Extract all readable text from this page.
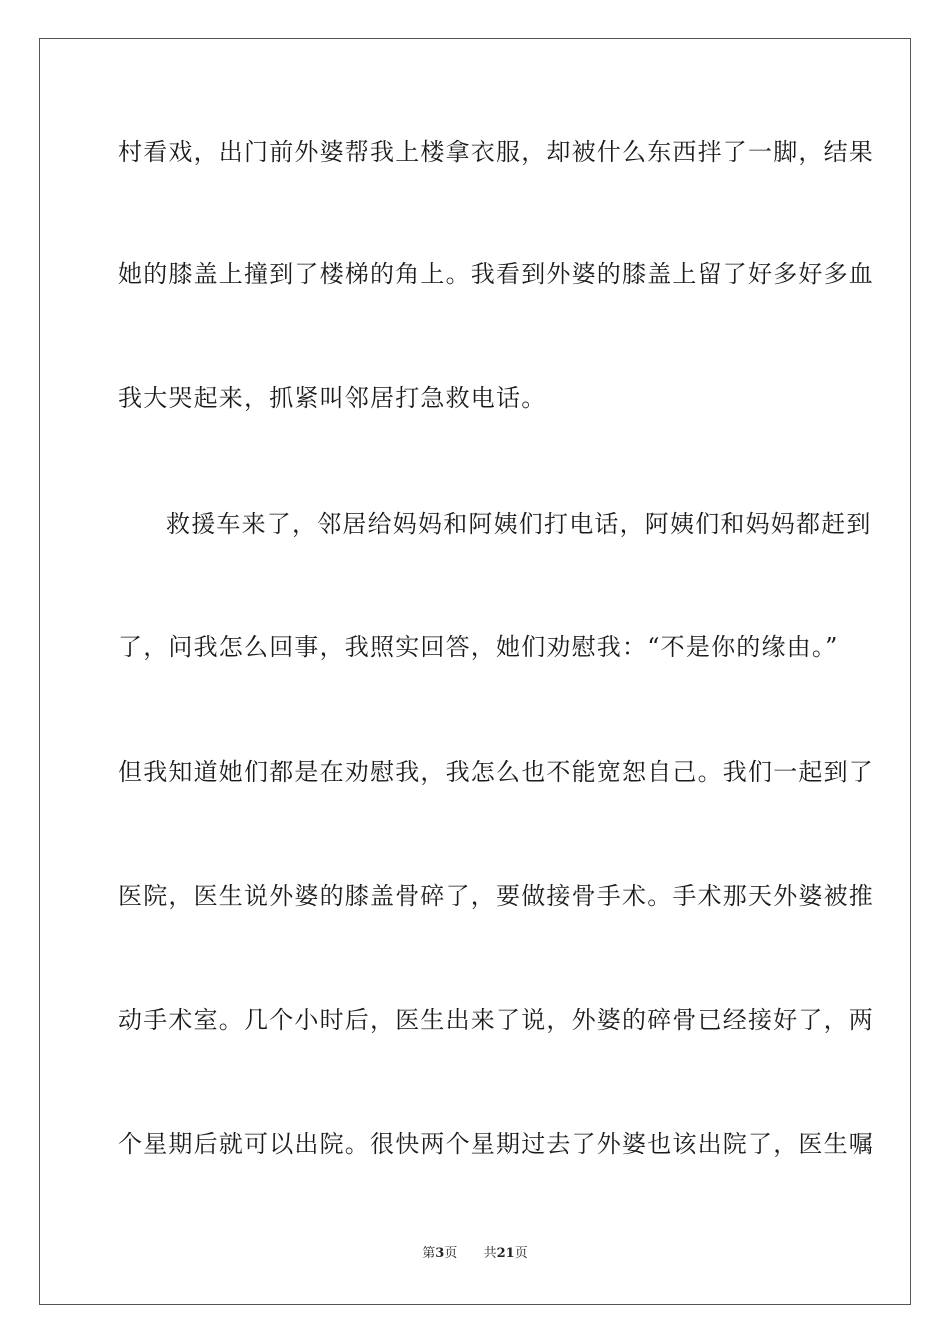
村看戏，出门前外婆帮我上楼拿衣服，却被什么东西拌了一脚，结果
她的膝盖上撞到了楼梯的角上。我看到外婆的膝盖上留了好多好多血
我大哭起来，抓紧叫邻居打急救电话。
救援车来了，邻居给妈妈和阿姨们打电话，阿姨们和妈妈都赶到
了，问我怎么回事，我照实回答，她们劝慰我：“不是你的缘由。”
但我知道她们都是在劝慰我，我怎么也不能宽恕自己。我们一起到了
医院，医生说外婆的膝盖骨碎了，要做接骨手术。手术那天外婆被推
动手术室。几个小时后，医生出来了说，外婆的碎骨已经接好了，两
个星期后就可以出院。很快两个星期过去了外婆也该出院了，医生嘱
第3页 共21页
